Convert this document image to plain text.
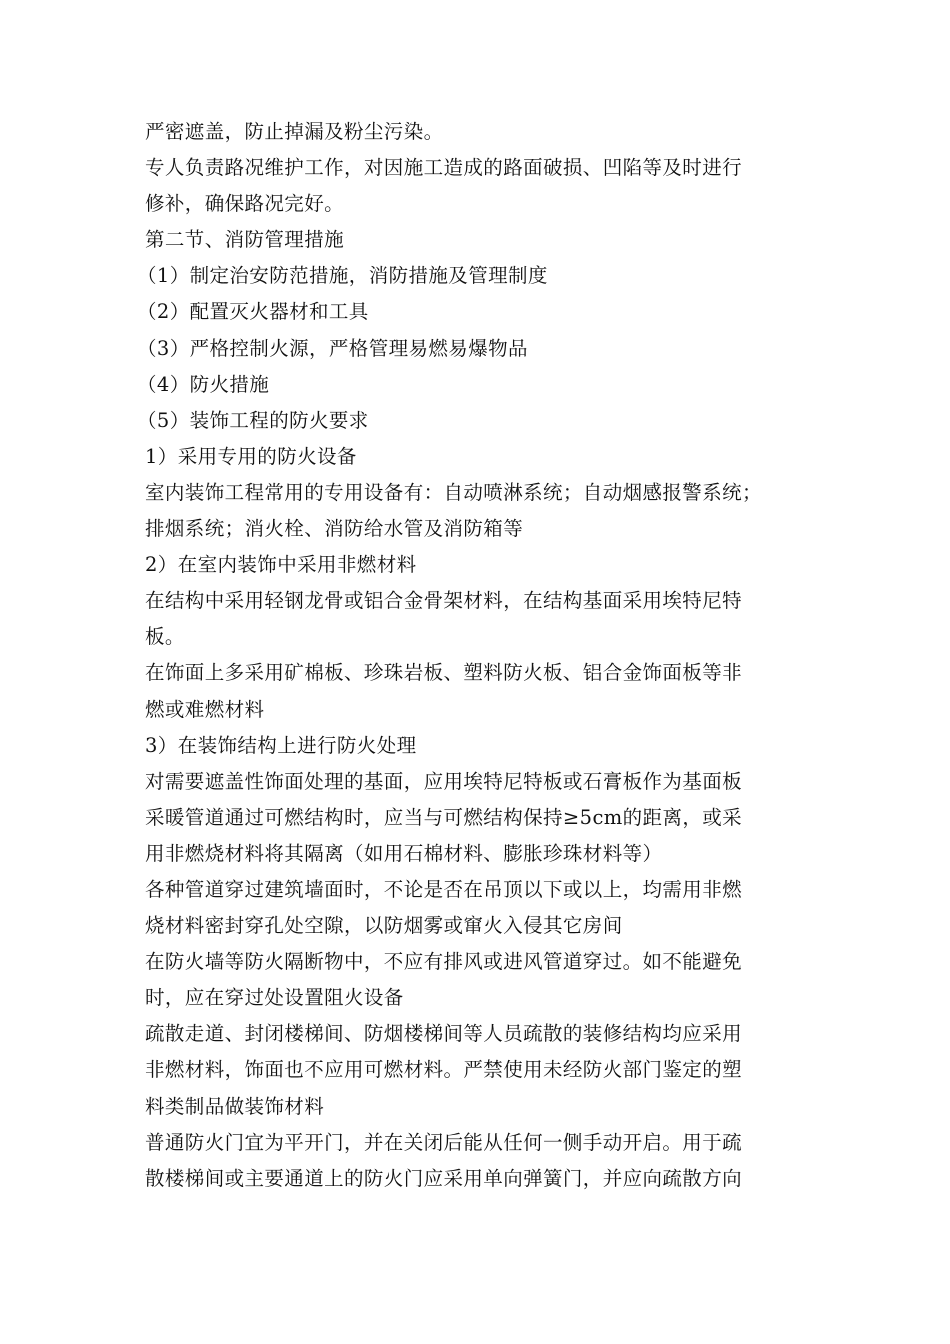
严密遮盖，防止掉漏及粉尘污染。
专人负责路况维护工作，对因施工造成的路面破损、凹陷等及时进行
修补，确保路况完好。
第二节、消防管理措施
（1）制定治安防范措施，消防措施及管理制度
（2）配置灭火器材和工具
（3）严格控制火源，严格管理易燃易爆物品
（4）防火措施
（5）装饰工程的防火要求
1）采用专用的防火设备
室内装饰工程常用的专用设备有：自动喷淋系统；自动烟感报警系统；
排烟系统；消火栓、消防给水管及消防箱等
2）在室内装饰中采用非燃材料
在结构中采用轻钢龙骨或铝合金骨架材料，在结构基面采用埃特尼特
板。
在饰面上多采用矿棉板、珍珠岩板、塑料防火板、铝合金饰面板等非
燃或难燃材料
3）在装饰结构上进行防火处理
对需要遮盖性饰面处理的基面，应用埃特尼特板或石膏板作为基面板
采暖管道通过可燃结构时，应当与可燃结构保持≥5cm的距离，或采
用非燃烧材料将其隔离（如用石棉材料、膨胀珍珠材料等）
各种管道穿过建筑墙面时，不论是否在吊顶以下或以上，均需用非燃
烧材料密封穿孔处空隙，以防烟雾或窜火入侵其它房间
在防火墙等防火隔断物中，不应有排风或进风管道穿过。如不能避免
时，应在穿过处设置阻火设备
疏散走道、封闭楼梯间、防烟楼梯间等人员疏散的装修结构均应采用
非燃材料，饰面也不应用可燃材料。严禁使用未经防火部门鉴定的塑
料类制品做装饰材料
普通防火门宜为平开门，并在关闭后能从任何一侧手动开启。用于疏
散楼梯间或主要通道上的防火门应采用单向弹簧门，并应向疏散方向
